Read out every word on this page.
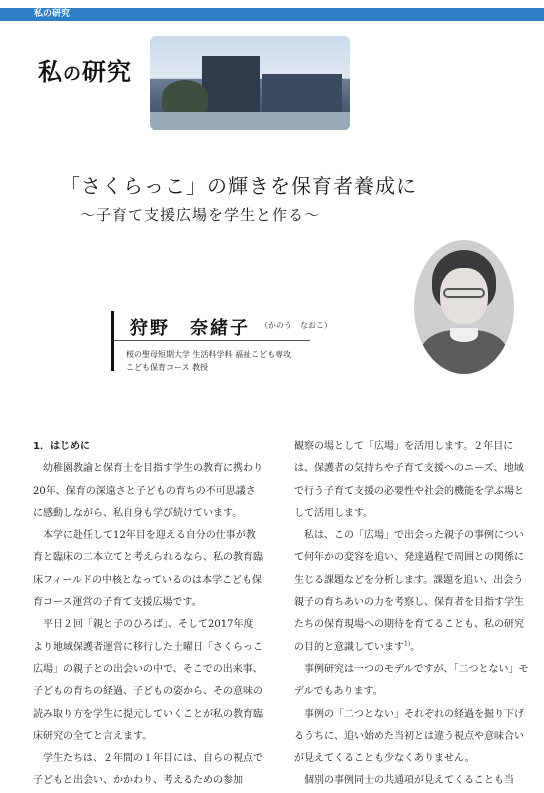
私の研究
私の研究
「さくらっこ」の輝きを保育者養成に
〜子育て支援広場を学生と作る〜
狩野　奈緒子 （かのう　なおこ）
桜の聖母短期大学 生活科学科 福祉こども専攻
こども保育コース 教授

1．はじめに

幼稚園教諭と保育士を目指す学生の教育に携わり20年、保育の深遠さと子どもの育ちの不可思議さに感動しながら、私自身も学び続けています。

本学に赴任して12年目を迎える自分の仕事が教育と臨床の二本立てと考えられるなら、私の教育臨床フィールドの中核となっているのは本学こども保育コース運営の子育て支援広場です。

平日２回「親と子のひろば」、そして2017年度より地域保護者運営に移行した土曜日「さくらっこ広場」の親子との出会いの中で、そこでの出来事、子どもの育ちの経過、子どもの姿から、その意味の読み取り方を学生に提元していくことが私の教育臨床研究の全てと言えます。

学生たちは、２年間の１年目には、自らの視点で子どもと出会い、かかわり、考えるための参加

観察の場として「広場」を活用します。２年目には、保護者の気持ちや子育て支援へのニーズ、地域で行う子育て支援の必要性や社会的機能を学ぶ場として活用します。

私は、この「広場」で出会った親子の事例について何年かの変容を追い、発達過程で周囲との関係に生じる課題などを分析します。課題を追い、出会う親子の育ちあいの力を考察し、保育者を目指す学生たちの保育現場への期待を育てることも、私の研究の目的と意識しています$^{1)}$。

事例研究は一つのモデルですが、「二つとない」モデルでもあります。

事例の「二つとない」それぞれの経過を掘り下げるうちに、追い始めた当初とは違う視点や意味合いが見えてくることも少なくありません。

個別の事例同士の共通項が見えてくることも当
